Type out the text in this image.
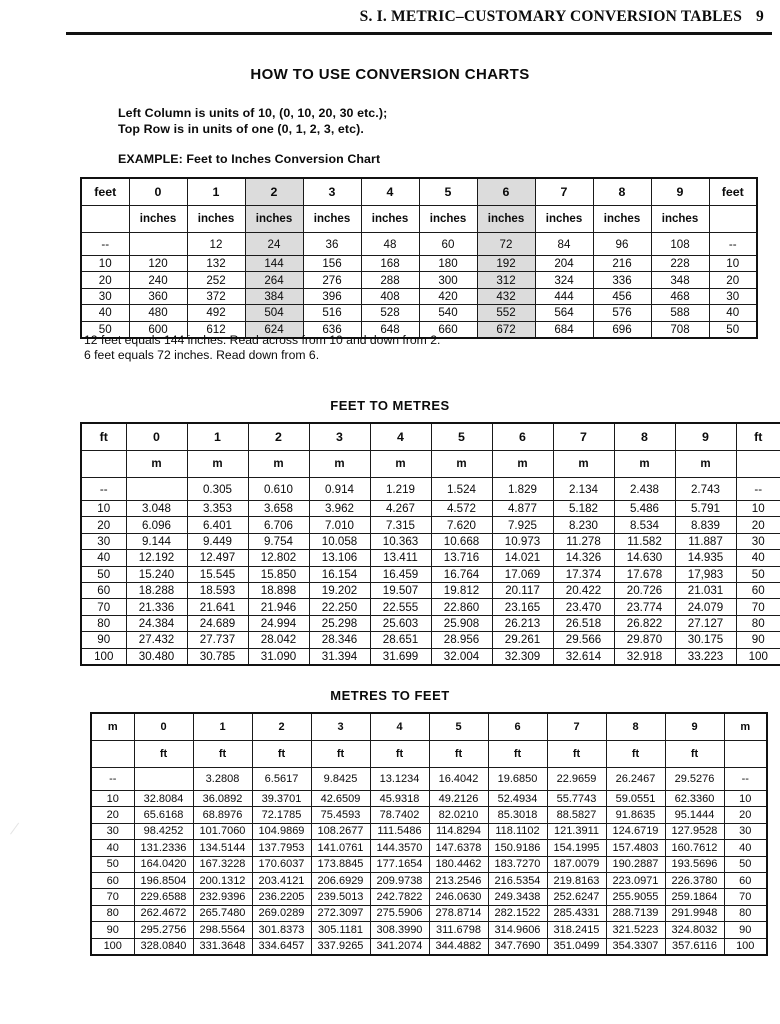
S. I. METRIC–CUSTOMARY CONVERSION TABLES 9
HOW TO USE CONVERSION CHARTS
Left Column is units of 10, (0, 10, 20, 30 etc.);
Top Row is in units of one (0, 1, 2, 3, etc).
EXAMPLE: Feet to Inches Conversion Chart
feet	0	1	2	3	4	5	6	7	8	9	feet
	inches	inches	inches	inches	inches	inches	inches	inches	inches	inches	
--		12	24	36	48	60	72	84	96	108	--
10	120	132	144	156	168	180	192	204	216	228	10
20	240	252	264	276	288	300	312	324	336	348	20
30	360	372	384	396	408	420	432	444	456	468	30
40	480	492	504	516	528	540	552	564	576	588	40
50	600	612	624	636	648	660	672	684	696	708	50
12 feet equals 144 inches. Read across from 10 and down from 2.
6 feet equals 72 inches. Read down from 6.
FEET TO METRES
ft	0	1	2	3	4	5	6	7	8	9	ft
	m	m	m	m	m	m	m	m	m	m	
--		0.305	0.610	0.914	1.219	1.524	1.829	2.134	2.438	2.743	--
10	3.048	3.353	3.658	3.962	4.267	4.572	4.877	5.182	5.486	5.791	10
20	6.096	6.401	6.706	7.010	7.315	7.620	7.925	8.230	8.534	8.839	20
30	9.144	9.449	9.754	10.058	10.363	10.668	10.973	11.278	11.582	11.887	30
40	12.192	12.497	12.802	13.106	13.411	13.716	14.021	14.326	14.630	14.935	40
50	15.240	15.545	15.850	16.154	16.459	16.764	17.069	17.374	17.678	17,983	50
60	18.288	18.593	18.898	19.202	19.507	19.812	20.117	20.422	20.726	21.031	60
70	21.336	21.641	21.946	22.250	22.555	22.860	23.165	23.470	23.774	24.079	70
80	24.384	24.689	24.994	25.298	25.603	25.908	26.213	26.518	26.822	27.127	80
90	27.432	27.737	28.042	28.346	28.651	28.956	29.261	29.566	29.870	30.175	90
100	30.480	30.785	31.090	31.394	31.699	32.004	32.309	32.614	32.918	33.223	100
METRES TO FEET
m	0	1	2	3	4	5	6	7	8	9	m
	ft	ft	ft	ft	ft	ft	ft	ft	ft	ft	
--		3.2808	6.5617	9.8425	13.1234	16.4042	19.6850	22.9659	26.2467	29.5276	--
10	32.8084	36.0892	39.3701	42.6509	45.9318	49.2126	52.4934	55.7743	59.0551	62.3360	10
20	65.6168	68.8976	72.1785	75.4593	78.7402	82.0210	85.3018	88.5827	91.8635	95.1444	20
30	98.4252	101.7060	104.9869	108.2677	111.5486	114.8294	118.1102	121.3911	124.6719	127.9528	30
40	131.2336	134.5144	137.7953	141.0761	144.3570	147.6378	150.9186	154.1995	157.4803	160.7612	40
50	164.0420	167.3228	170.6037	173.8845	177.1654	180.4462	183.7270	187.0079	190.2887	193.5696	50
60	196.8504	200.1312	203.4121	206.6929	209.9738	213.2546	216.5354	219.8163	223.0971	226.3780	60
70	229.6588	232.9396	236.2205	239.5013	242.7822	246.0630	249.3438	252.6247	255.9055	259.1864	70
80	262.4672	265.7480	269.0289	272.3097	275.5906	278.8714	282.1522	285.4331	288.7139	291.9948	80
90	295.2756	298.5564	301.8373	305.1181	308.3990	311.6798	314.9606	318.2415	321.5223	324.8032	90
100	328.0840	331.3648	334.6457	337.9265	341.2074	344.4882	347.7690	351.0499	354.3307	357.6116	100
